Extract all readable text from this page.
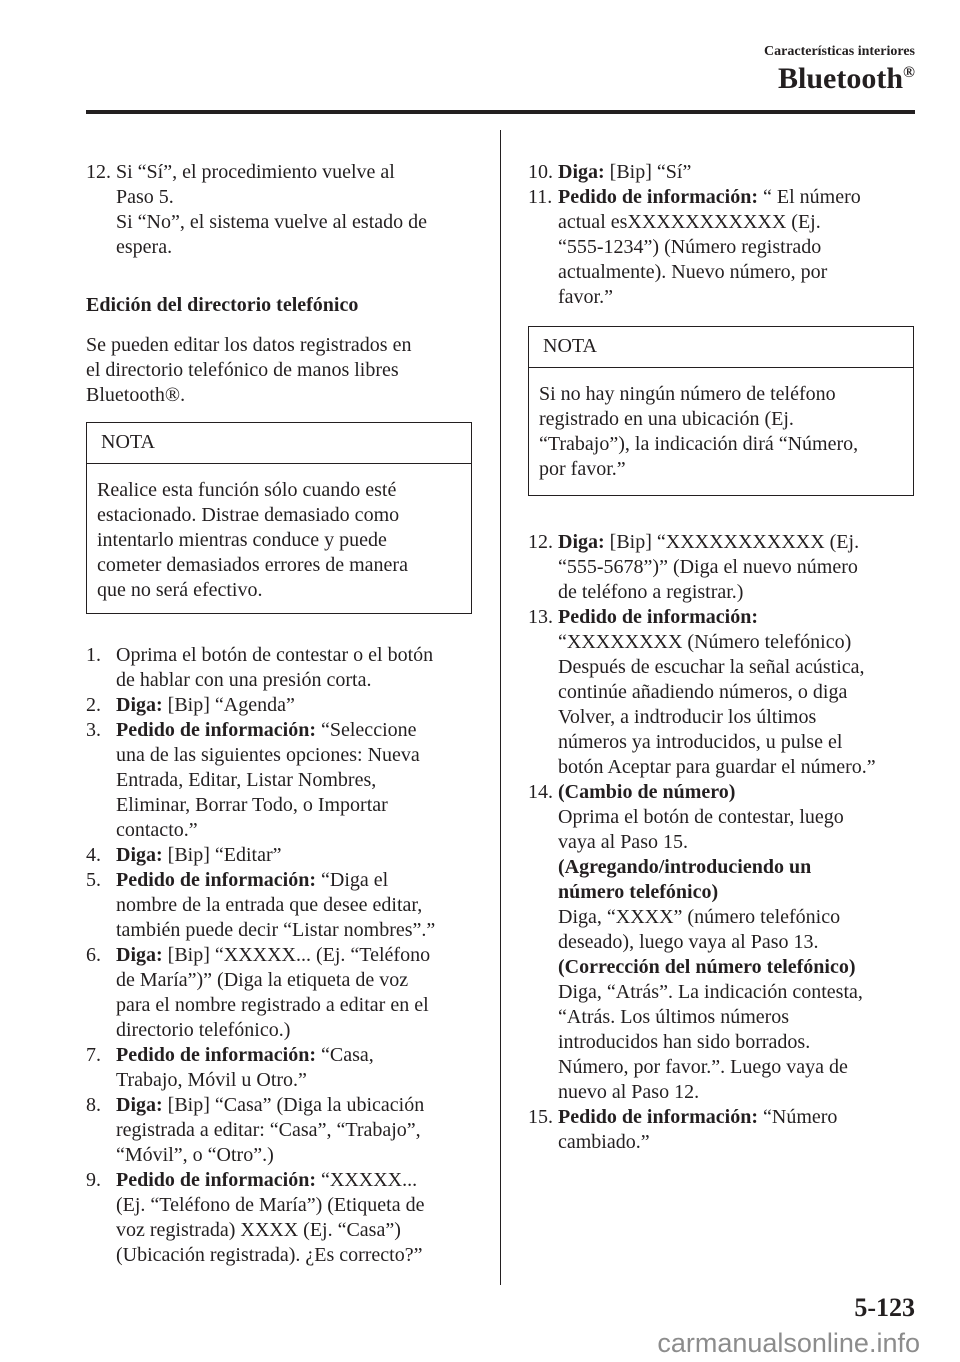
Características interiores
Bluetooth®
12. Si “Sí”, el procedimiento vuelve al
Paso 5.
Si “No”, el sistema vuelve al estado de
espera.
Edición del directorio telefónico
Se pueden editar los datos registrados en
el directorio telefónico de manos libres
Bluetooth®.
NOTA
Realice esta función sólo cuando esté
estacionado. Distrae demasiado como
intentarlo mientras conduce y puede
cometer demasiados errores de manera
que no será efectivo.
1. Oprima el botón de contestar o el botón
de hablar con una presión corta.
2. Diga: [Bip] “Agenda”
3. Pedido de información: “Seleccione
una de las siguientes opciones: Nueva
Entrada, Editar, Listar Nombres,
Eliminar, Borrar Todo, o Importar
contacto.”
4. Diga: [Bip] “Editar”
5. Pedido de información: “Diga el
nombre de la entrada que desee editar,
también puede decir “Listar nombres”.”
6. Diga: [Bip] “XXXXX... (Ej. “Teléfono
de María”)” (Diga la etiqueta de voz
para el nombre registrado a editar en el
directorio telefónico.)
7. Pedido de información: “Casa,
Trabajo, Móvil u Otro.”
8. Diga: [Bip] “Casa” (Diga la ubicación
registrada a editar: “Casa”, “Trabajo”,
“Móvil”, o “Otro”.)
9. Pedido de información: “XXXXX...
(Ej. “Teléfono de María”) (Etiqueta de
voz registrada) XXXX (Ej. “Casa”)
(Ubicación registrada). ¿Es correcto?”
10. Diga: [Bip] “Sí”
11. Pedido de información: “ El número
actual esXXXXXXXXXXX (Ej.
“555-1234”) (Número registrado
actualmente). Nuevo número, por
favor.”
NOTA
Si no hay ningún número de teléfono
registrado en una ubicación (Ej.
“Trabajo”), la indicación dirá “Número,
por favor.”
12. Diga: [Bip] “XXXXXXXXXXX (Ej.
“555-5678”)” (Diga el nuevo número
de teléfono a registrar.)
13. Pedido de información:
“XXXXXXXX (Número telefónico)
Después de escuchar la señal acústica,
continúe añadiendo números, o diga
Volver, a indtroducir los últimos
números ya introducidos, u pulse el
botón Aceptar para guardar el número.”
14. (Cambio de número)
Oprima el botón de contestar, luego
vaya al Paso 15.
(Agregando/introduciendo un
número telefónico)
Diga, “XXXX” (número telefónico
deseado), luego vaya al Paso 13.
(Corrección del número telefónico)
Diga, “Atrás”. La indicación contesta,
“Atrás. Los últimos números
introducidos han sido borrados.
Número, por favor.”. Luego vaya de
nuevo al Paso 12.
15. Pedido de información: “Número
cambiado.”
5-123
carmanualsonline.info
